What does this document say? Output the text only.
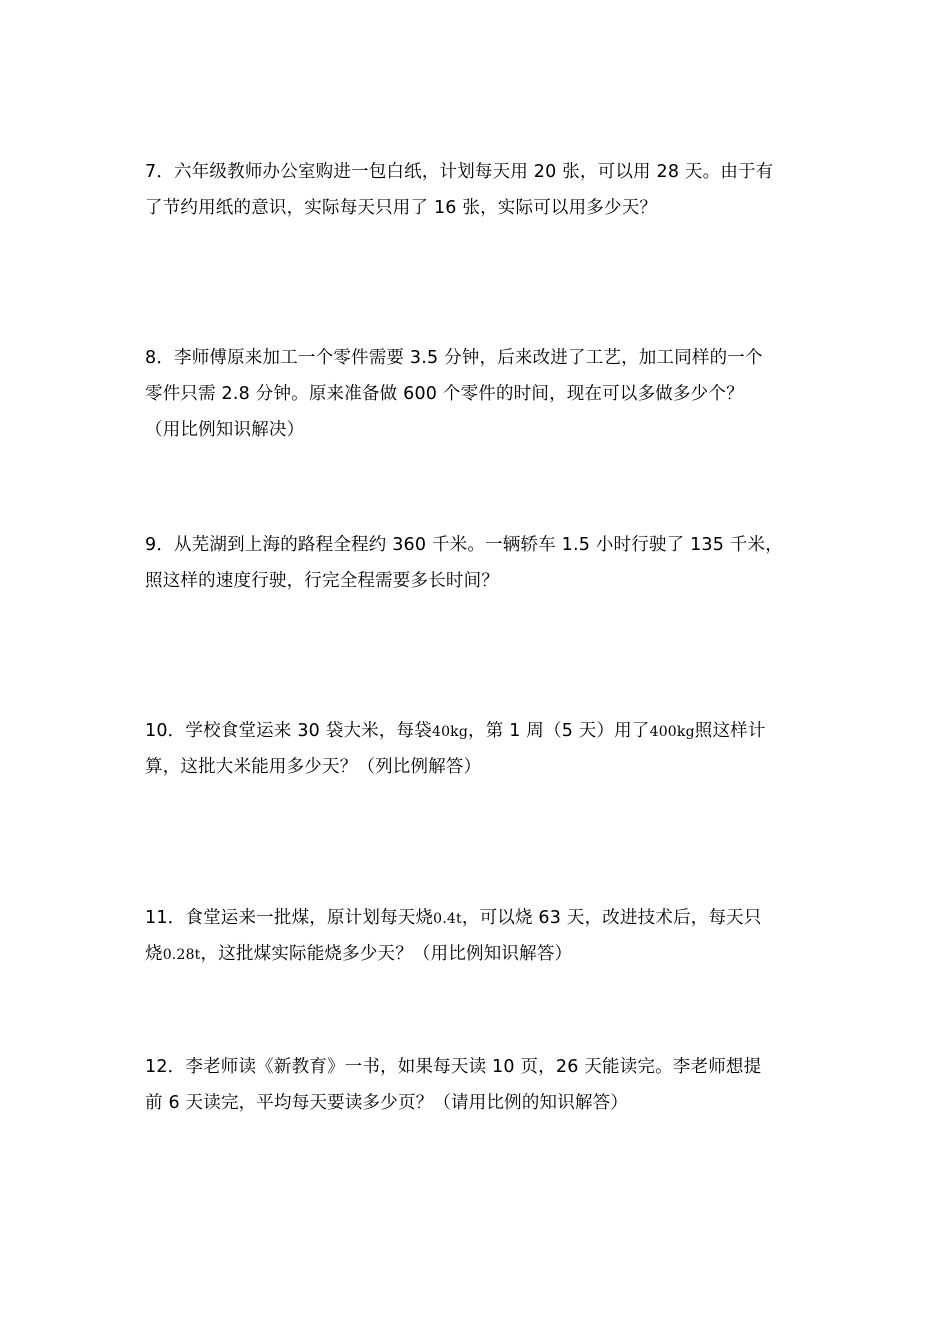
7．六年级教师办公室购进一包白纸，计划每天用 20 张，可以用 28 天。由于有
了节约用纸的意识，实际每天只用了 16 张，实际可以用多少天？
8．李师傅原来加工一个零件需要 3.5 分钟，后来改进了工艺，加工同样的一个
零件只需 2.8 分钟。原来准备做 600 个零件的时间，现在可以多做多少个？
（用比例知识解决）
9．从芜湖到上海的路程全程约 360 千米。一辆轿车 1.5 小时行驶了 135 千米，
照这样的速度行驶，行完全程需要多长时间？
10．学校食堂运来 30 袋大米，每袋40kg，第 1 周（5 天）用了400kg照这样计
算，这批大米能用多少天？（列比例解答）
11．食堂运来一批煤，原计划每天烧0.4t，可以烧 63 天，改进技术后，每天只
烧0.28t，这批煤实际能烧多少天？（用比例知识解答）
12．李老师读《新教育》一书，如果每天读 10 页，26 天能读完。李老师想提
前 6 天读完，平均每天要读多少页？（请用比例的知识解答）
